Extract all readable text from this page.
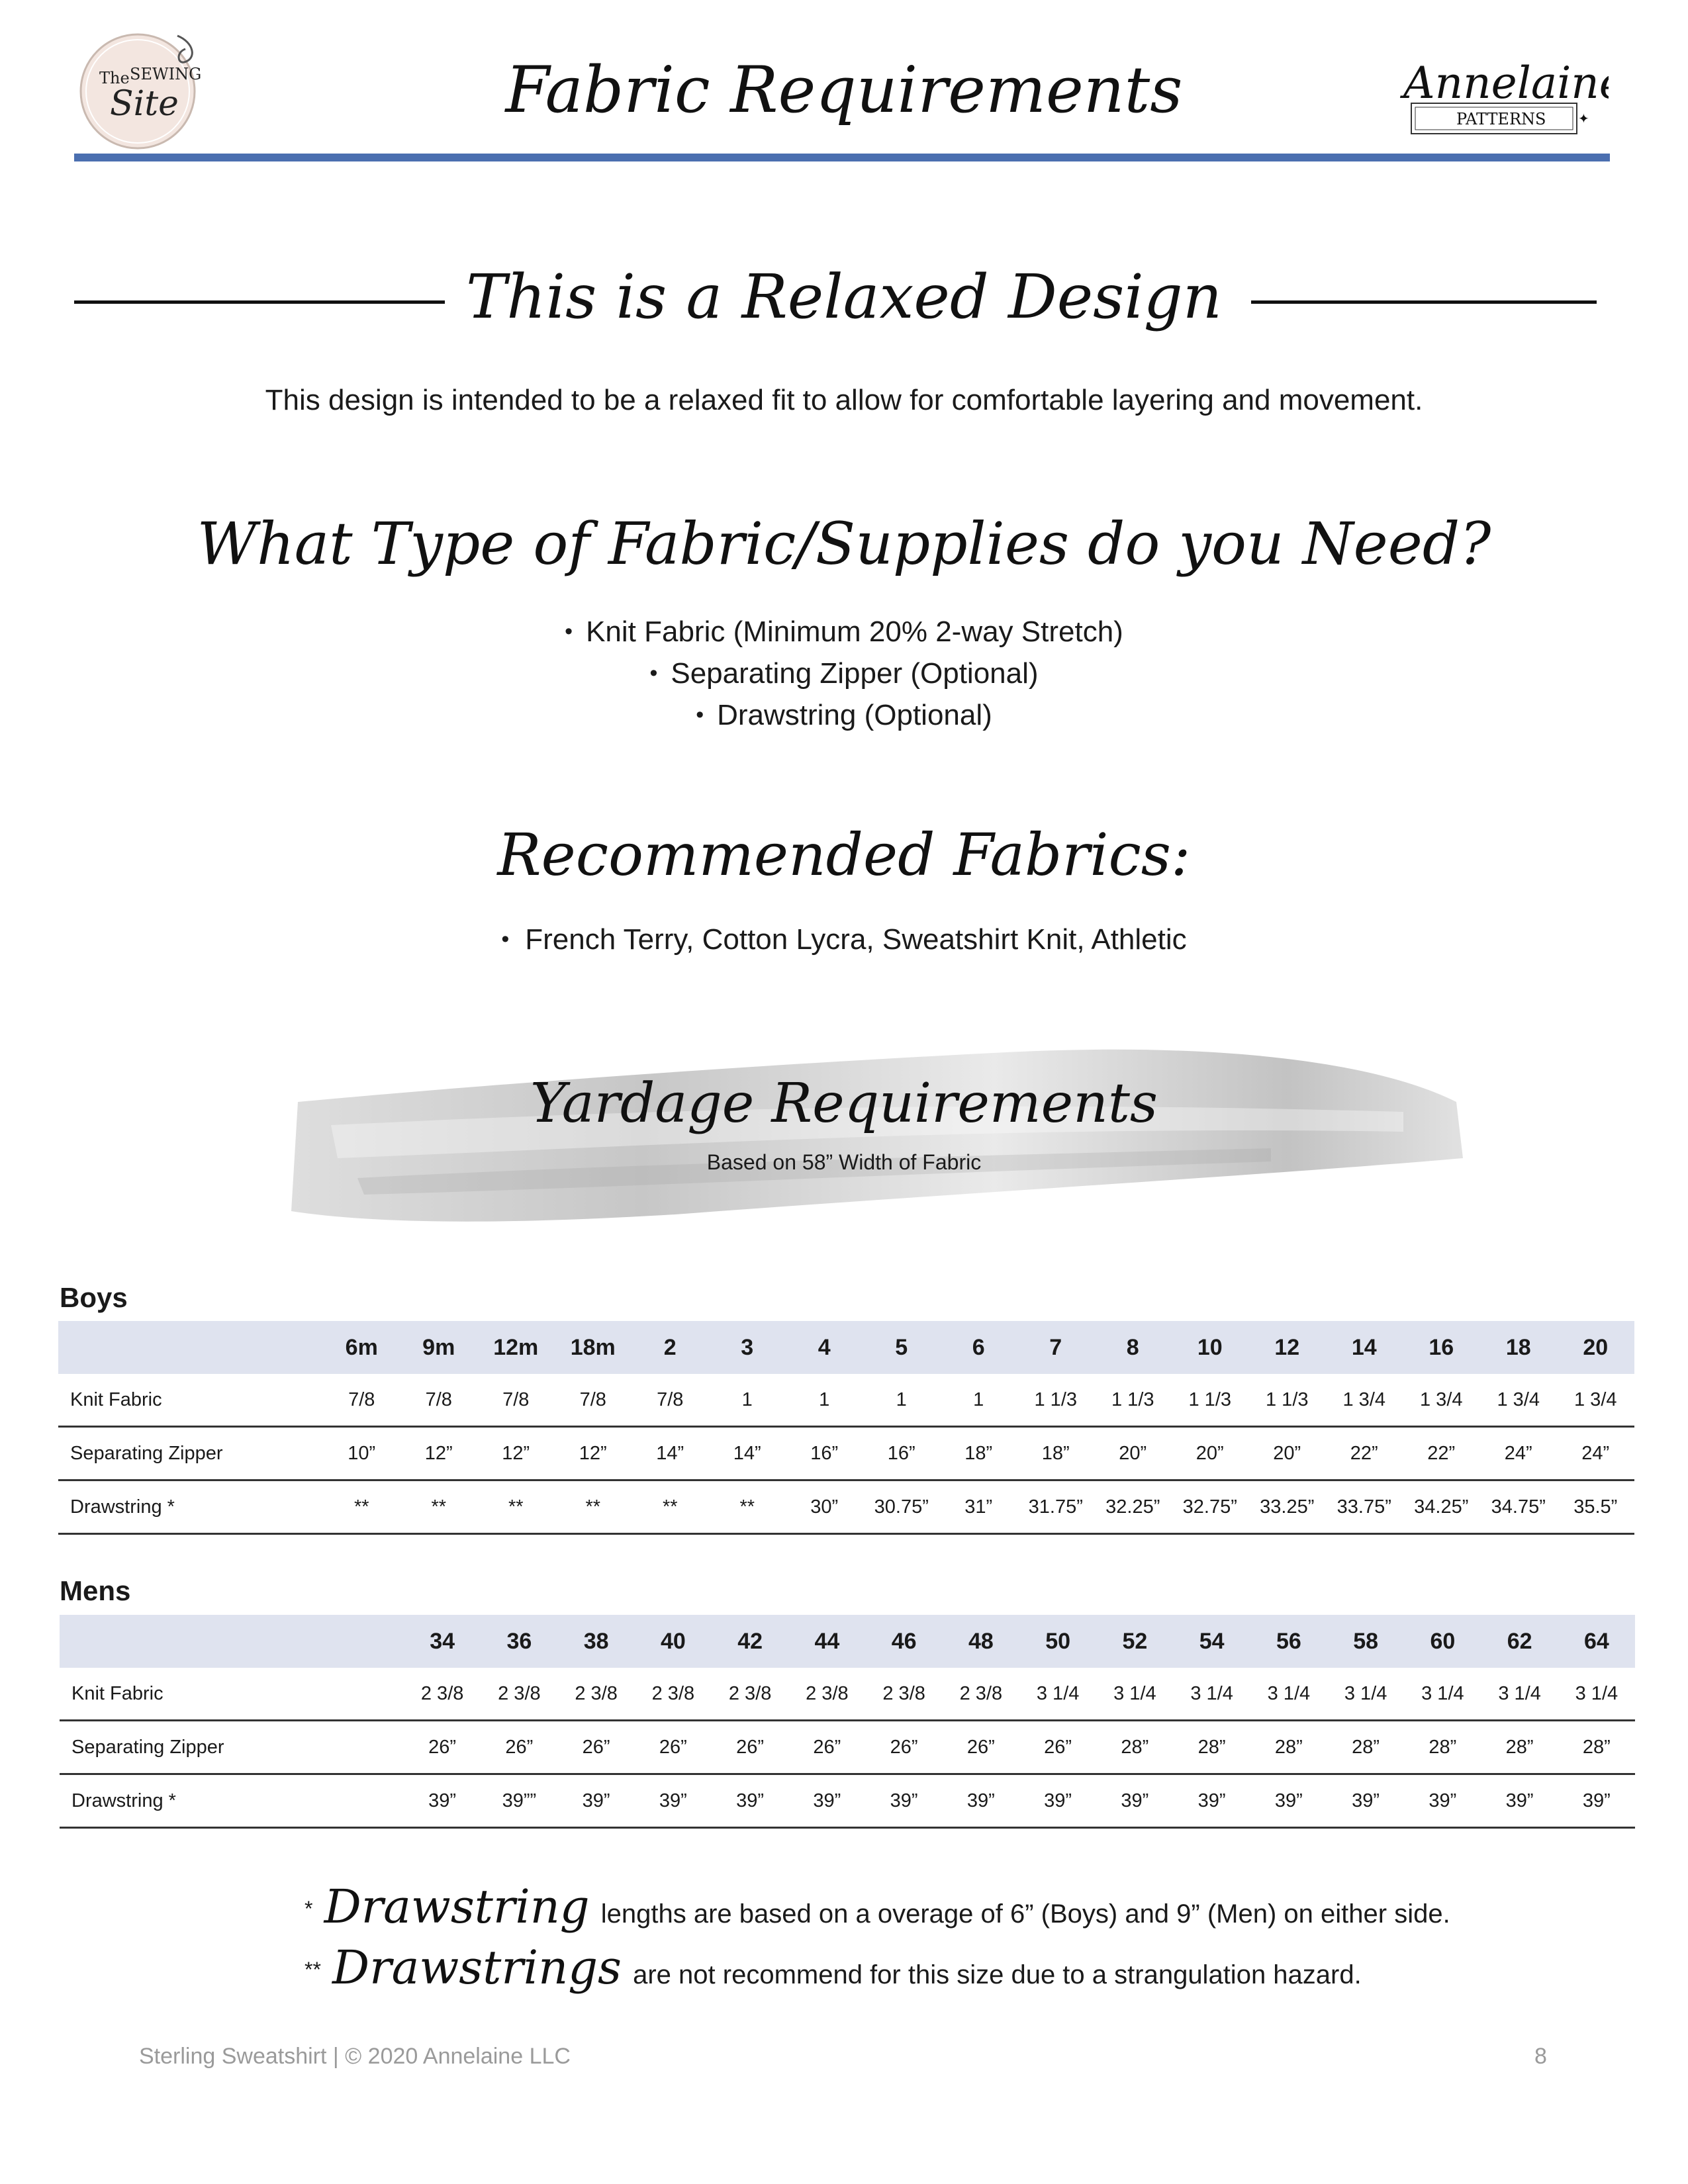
The SEWING
Site	Fabric Requirements	Annelaine
PATTERNS ✦
This is a Relaxed Design
This design is intended to be a relaxed fit to allow for comfortable layering and movement.
What Type of Fabric/Supplies do you Need?
• Knit Fabric (Minimum 20% 2-way Stretch)
• Separating Zipper (Optional)
• Drawstring (Optional)
Recommended Fabrics:
• French Terry, Cotton Lycra, Sweatshirt Knit, Athletic
Yardage Requirements
Based on 58” Width of Fabric
Boys
	6m	9m	12m	18m	2	3	4	5	6	7	8	10	12	14	16	18	20
Knit Fabric	7/8	7/8	7/8	7/8	7/8	1	1	1	1	1 1/3	1 1/3	1 1/3	1 1/3	1 3/4	1 3/4	1 3/4	1 3/4
Separating Zipper	10”	12”	12”	12”	14”	14”	16”	16”	18”	18”	20”	20”	20”	22”	22”	24”	24”
Drawstring *	**	**	**	**	**	**	30”	30.75”	31”	31.75”	32.25”	32.75”	33.25”	33.75”	34.25”	34.75”	35.5”
Mens
	34	36	38	40	42	44	46	48	50	52	54	56	58	60	62	64
Knit Fabric	2 3/8	2 3/8	2 3/8	2 3/8	2 3/8	2 3/8	2 3/8	2 3/8	3 1/4	3 1/4	3 1/4	3 1/4	3 1/4	3 1/4	3 1/4	3 1/4
Separating Zipper	26”	26”	26”	26”	26”	26”	26”	26”	26”	28”	28”	28”	28”	28”	28”	28”
Drawstring *	39”	39””	39”	39”	39”	39”	39”	39”	39”	39”	39”	39”	39”	39”	39”	39”
* Drawstring lengths are based on a overage of 6” (Boys) and 9” (Men) on either side.
** Drawstrings are not recommend for this size due to a strangulation hazard.
Sterling Sweatshirt | © 2020 Annelaine LLC	8
